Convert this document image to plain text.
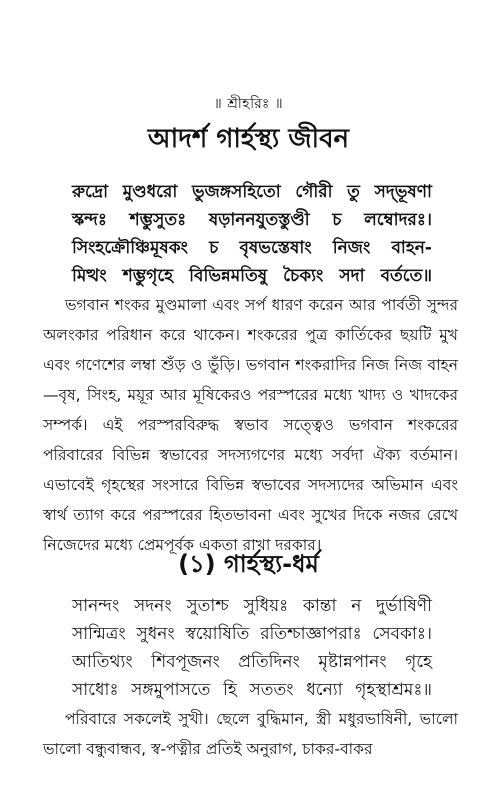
॥ শ্রীহরিঃ ॥
আদর্শ গার্হস্থ্য জীবন
রুদ্রো মুণ্ডধরো ভুজঙ্গসহিতো গৌরী তু সদ্‌ভূষণা
স্কন্দঃ শম্ভুসুতঃ ষড়াননযুতস্তুণ্ডী চ লম্বোদরঃ।
সিংহক্রৌঞ্চিমূষকং চ বৃষভস্তেষাং নিজং বাহন-
মিত্থং শম্ভুগৃহে বিভিন্নমতিষু চৈক্যং সদা বর্ততে॥
ভগবান শংকর মুণ্ডমালা এবং সর্প ধারণ করেন আর পার্বতী সুন্দর অলংকার পরিধান করে থাকেন। শংকরের পুত্র কার্তিকের ছয়টি মুখ এবং গণেশের লম্বা শুঁড় ও ভুঁড়ি। ভগবান শংকরাদির নিজ নিজ বাহন—বৃষ, সিংহ, ময়ূর আর মূষিকেরও পরস্পরের মধ্যে খাদ্য ও খাদকের সম্পর্ক। এই পরস্পরবিরুদ্ধ স্বভাব সত্ত্বেও ভগবান শংকরের পরিবারের বিভিন্ন স্বভাবের সদস্যগণের মধ্যে সর্বদা ঐক্য বর্তমান। এভাবেই গৃহস্থের সংসারে বিভিন্ন স্বভাবের সদস্যদের অভিমান এবং স্বার্থ ত্যাগ করে পরস্পরের হিতভাবনা এবং সুখের দিকে নজর রেখে নিজেদের মধ্যে প্রেমপূর্বক একতা রাখা দরকার।
(১) গার্হস্থ্য-ধর্ম
সানন্দং সদনং সুতাশ্চ সুধিয়ঃ কান্তা ন দুর্ভাষিণী
সান্মিত্রং সুধনং স্বয়োষিতি রতিশ্চাজ্ঞাপরাঃ সেবকাঃ।
আতিথ্যং শিবপূজনং প্রতিদিনং মৃষ্টান্নপানং গৃহে
সাধোঃ সঙ্গমুপাসতে হি সততং ধন্যো গৃহস্থাশ্রমঃ॥
পরিবারে সকলেই সুখী। ছেলে বুদ্ধিমান, স্ত্রী মধুরভাষিনী, ভালো ভালো বন্ধুবান্ধব, স্ব-পত্নীর প্রতিই অনুরাগ, চাকর-বাকর
